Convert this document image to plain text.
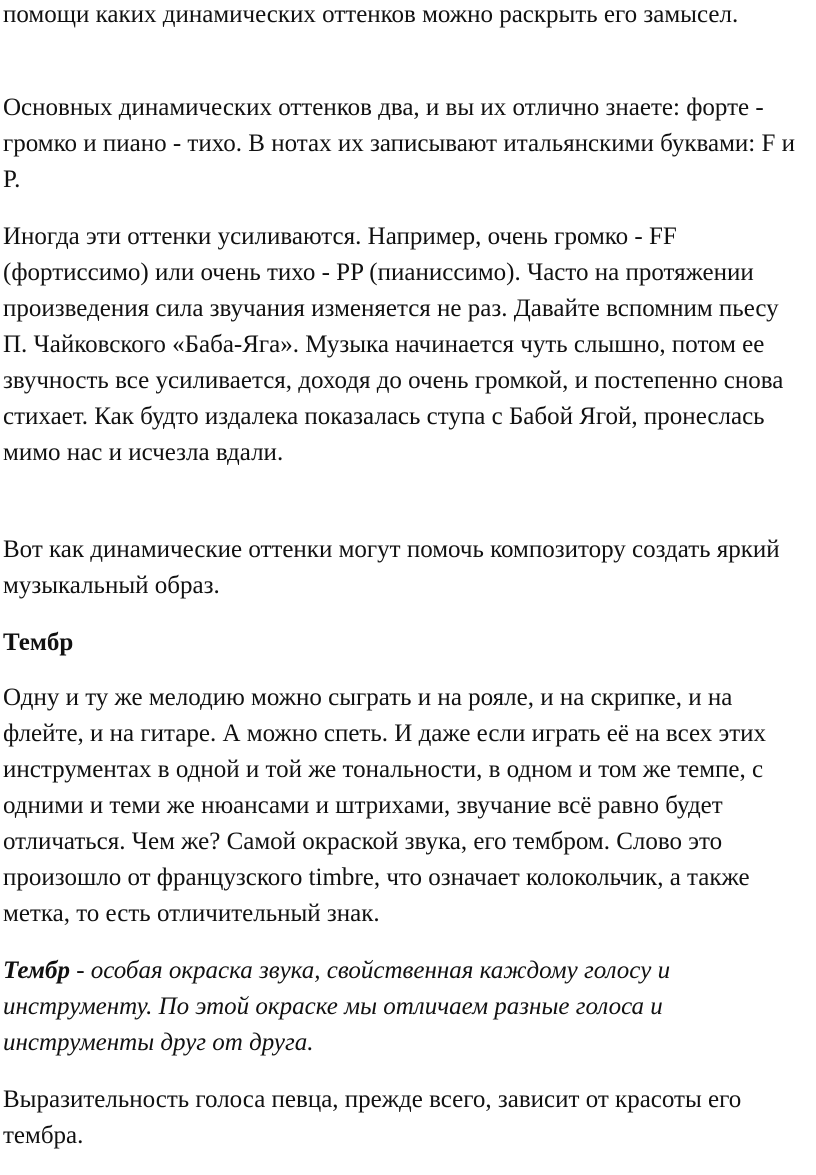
помощи каких динамических оттенков можно раскрыть его замысел.

Основных динамических оттенков два, и вы их отлично знаете: форте - громко и пиано - тихо. В нотах их записывают итальянскими буквами: F и P.

Иногда эти оттенки усиливаются. Например, очень громко - FF (фортиссимо) или очень тихо - PP (пианиссимо). Часто на протяжении произведения сила звучания изменяется не раз. Давайте вспомним пьесу П. Чайковского «Баба-Яга». Музыка начинается чуть слышно, потом ее звучность все усиливается, доходя до очень громкой, и постепенно снова стихает. Как будто издалека показалась ступа с Бабой Ягой, пронеслась мимо нас и исчезла вдали.

Вот как динамические оттенки могут помочь композитору создать яркий музыкальный образ.

Тембр

Одну и ту же мелодию можно сыграть и на рояле, и на скрипке, и на флейте, и на гитаре. А можно спеть. И даже если играть её на всех этих инструментах в одной и той же тональности, в одном и том же темпе, с одними и теми же нюансами и штрихами, звучание всё равно будет отличаться. Чем же? Самой окраской звука, его тембром. Слово это произошло от французского timbre, что означает колокольчик, а также метка, то есть отличительный знак.

Тембр - особая окраска звука, свойственная каждому голосу и инструменту. По этой окраске мы отличаем разные голоса и инструменты друг от друга.

Выразительность голоса певца, прежде всего, зависит от красоты его тембра.
